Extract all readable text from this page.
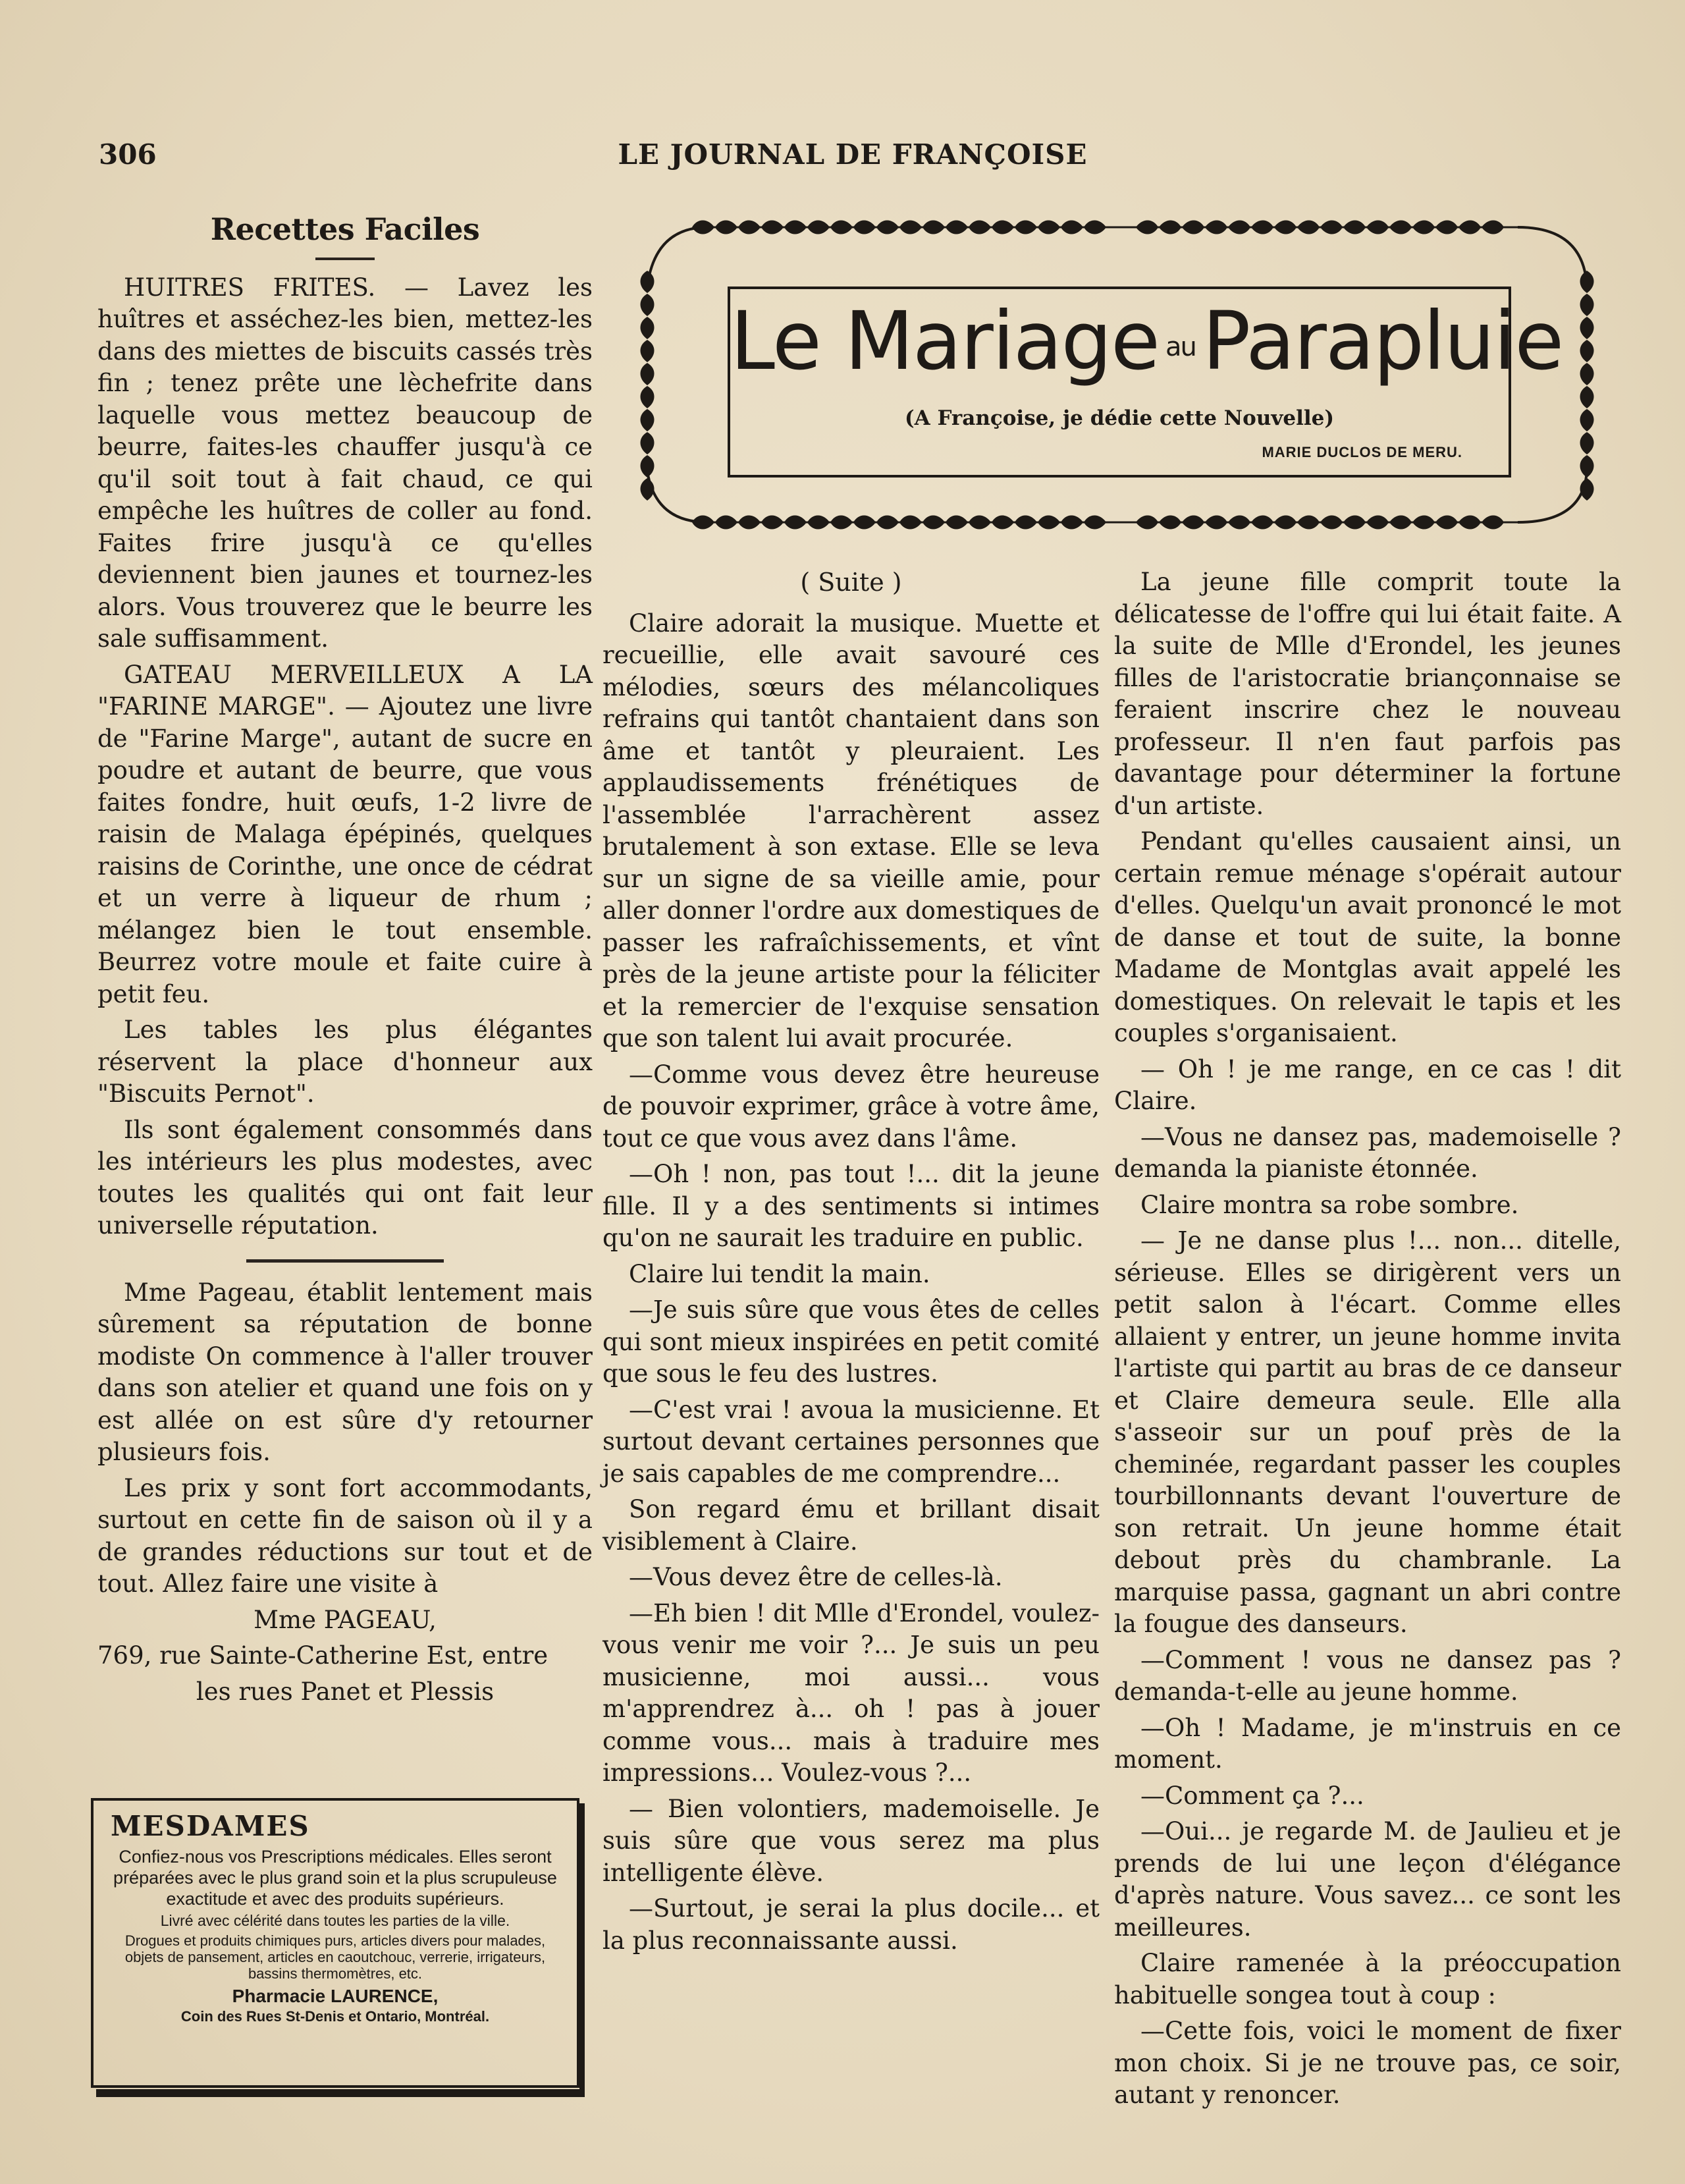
306	LE JOURNAL DE FRANÇOISE
Recettes Faciles

HUITRES FRITES. — Lavez les huîtres et asséchez-les bien, mettez-les dans des miettes de biscuits cassés très fin ; tenez prête une lèchefrite dans laquelle vous mettez beaucoup de beurre, faites-les chauffer jusqu'à ce qu'il soit tout à fait chaud, ce qui empêche les huîtres de coller au fond. Faites frire jusqu'à ce qu'elles deviennent bien jaunes et tournez-les alors. Vous trouverez que le beurre les sale suffisamment.

GATEAU MERVEILLEUX A LA "FARINE MARGE". — Ajoutez une livre de "Farine Marge", autant de sucre en poudre et autant de beurre, que vous faites fondre, huit œufs, 1-2 livre de raisin de Malaga épépinés, quelques raisins de Corinthe, une once de cédrat et un verre à liqueur de rhum ; mélangez bien le tout ensemble. Beurrez votre moule et faite cuire à petit feu.

Les tables les plus élégantes réservent la place d'honneur aux "Biscuits Pernot".

Ils sont également consommés dans les intérieurs les plus modestes, avec toutes les qualités qui ont fait leur universelle réputation.

Mme Pageau, établit lentement mais sûrement sa réputation de bonne modiste On commence à l'aller trouver dans son atelier et quand une fois on y est allée on est sûre d'y retourner plusieurs fois.

Les prix y sont fort accommodants, surtout en cette fin de saison où il y a de grandes réductions sur tout et de tout. Allez faire une visite à

Mme PAGEAU,

769, rue Sainte-Catherine Est, entre

les rues Panet et Plessis

MESDAMES

Confiez-nous vos Prescriptions médicales. Elles seront préparées avec le plus grand soin et la plus scrupuleuse exactitude et avec des produits supérieurs.

Livré avec célérité dans toutes les parties de la ville.

Drogues et produits chimiques purs, articles divers pour malades, objets de pansement, articles en caoutchouc, verrerie, irrigateurs, bassins thermomètres, etc.

Pharmacie LAURENCE,
Coin des Rues St-Denis et Ontario, Montréal.
Le Mariage auParapluie
(A Françoise, je dédie cette Nouvelle)
MARIE DUCLOS DE MERU.
( Suite )

Claire adorait la musique. Muette et recueillie, elle avait savouré ces mélodies, sœurs des mélancoliques refrains qui tantôt chantaient dans son âme et tantôt y pleuraient. Les applaudissements frénétiques de l'assemblée l'arrachèrent assez brutalement à son extase. Elle se leva sur un signe de sa vieille amie, pour aller donner l'ordre aux domestiques de passer les rafraîchissements, et vînt près de la jeune artiste pour la féliciter et la remercier de l'exquise sensation que son talent lui avait procurée.

—Comme vous devez être heureuse de pouvoir exprimer, grâce à votre âme, tout ce que vous avez dans l'âme.

—Oh ! non, pas tout !... dit la jeune fille. Il y a des sentiments si intimes qu'on ne saurait les traduire en public.

Claire lui tendit la main.

—Je suis sûre que vous êtes de celles qui sont mieux inspirées en petit comité que sous le feu des lustres.

—C'est vrai ! avoua la musicienne. Et surtout devant certaines personnes que je sais capables de me comprendre...

Son regard ému et brillant disait visiblement à Claire.

—Vous devez être de celles-là.

—Eh bien ! dit Mlle d'Erondel, voulez-vous venir me voir ?... Je suis un peu musicienne, moi aussi... vous m'apprendrez à... oh ! pas à jouer comme vous... mais à traduire mes impressions... Voulez-vous ?...

— Bien volontiers, mademoiselle. Je suis sûre que vous serez ma plus intelligente élève.

—Surtout, je serai la plus docile... et la plus reconnaissante aussi.

La jeune fille comprit toute la délicatesse de l'offre qui lui était faite. A la suite de Mlle d'Erondel, les jeunes filles de l'aristocratie briançonnaise se feraient inscrire chez le nouveau professeur. Il n'en faut parfois pas davantage pour déterminer la fortune d'un artiste.

Pendant qu'elles causaient ainsi, un certain remue ménage s'opérait autour d'elles. Quelqu'un avait prononcé le mot de danse et tout de suite, la bonne Madame de Montglas avait appelé les domestiques. On relevait le tapis et les couples s'organisaient.

— Oh ! je me range, en ce cas ! dit Claire.

—Vous ne dansez pas, mademoiselle ? demanda la pianiste étonnée.

Claire montra sa robe sombre.

— Je ne danse plus !... non... ditelle, sérieuse. Elles se dirigèrent vers un petit salon à l'écart. Comme elles allaient y entrer, un jeune homme invita l'artiste qui partit au bras de ce danseur et Claire demeura seule. Elle alla s'asseoir sur un pouf près de la cheminée, regardant passer les couples tourbillonnants devant l'ouverture de son retrait. Un jeune homme était debout près du chambranle. La marquise passa, gagnant un abri contre la fougue des danseurs.

—Comment ! vous ne dansez pas ? demanda-t-elle au jeune homme.

—Oh ! Madame, je m'instruis en ce moment.

—Comment ça ?...

—Oui... je regarde M. de Jaulieu et je prends de lui une leçon d'élégance d'après nature. Vous savez... ce sont les meilleures.

Claire ramenée à la préoccupation habituelle songea tout à coup :

—Cette fois, voici le moment de fixer mon choix. Si je ne trouve pas, ce soir, autant y renoncer.
